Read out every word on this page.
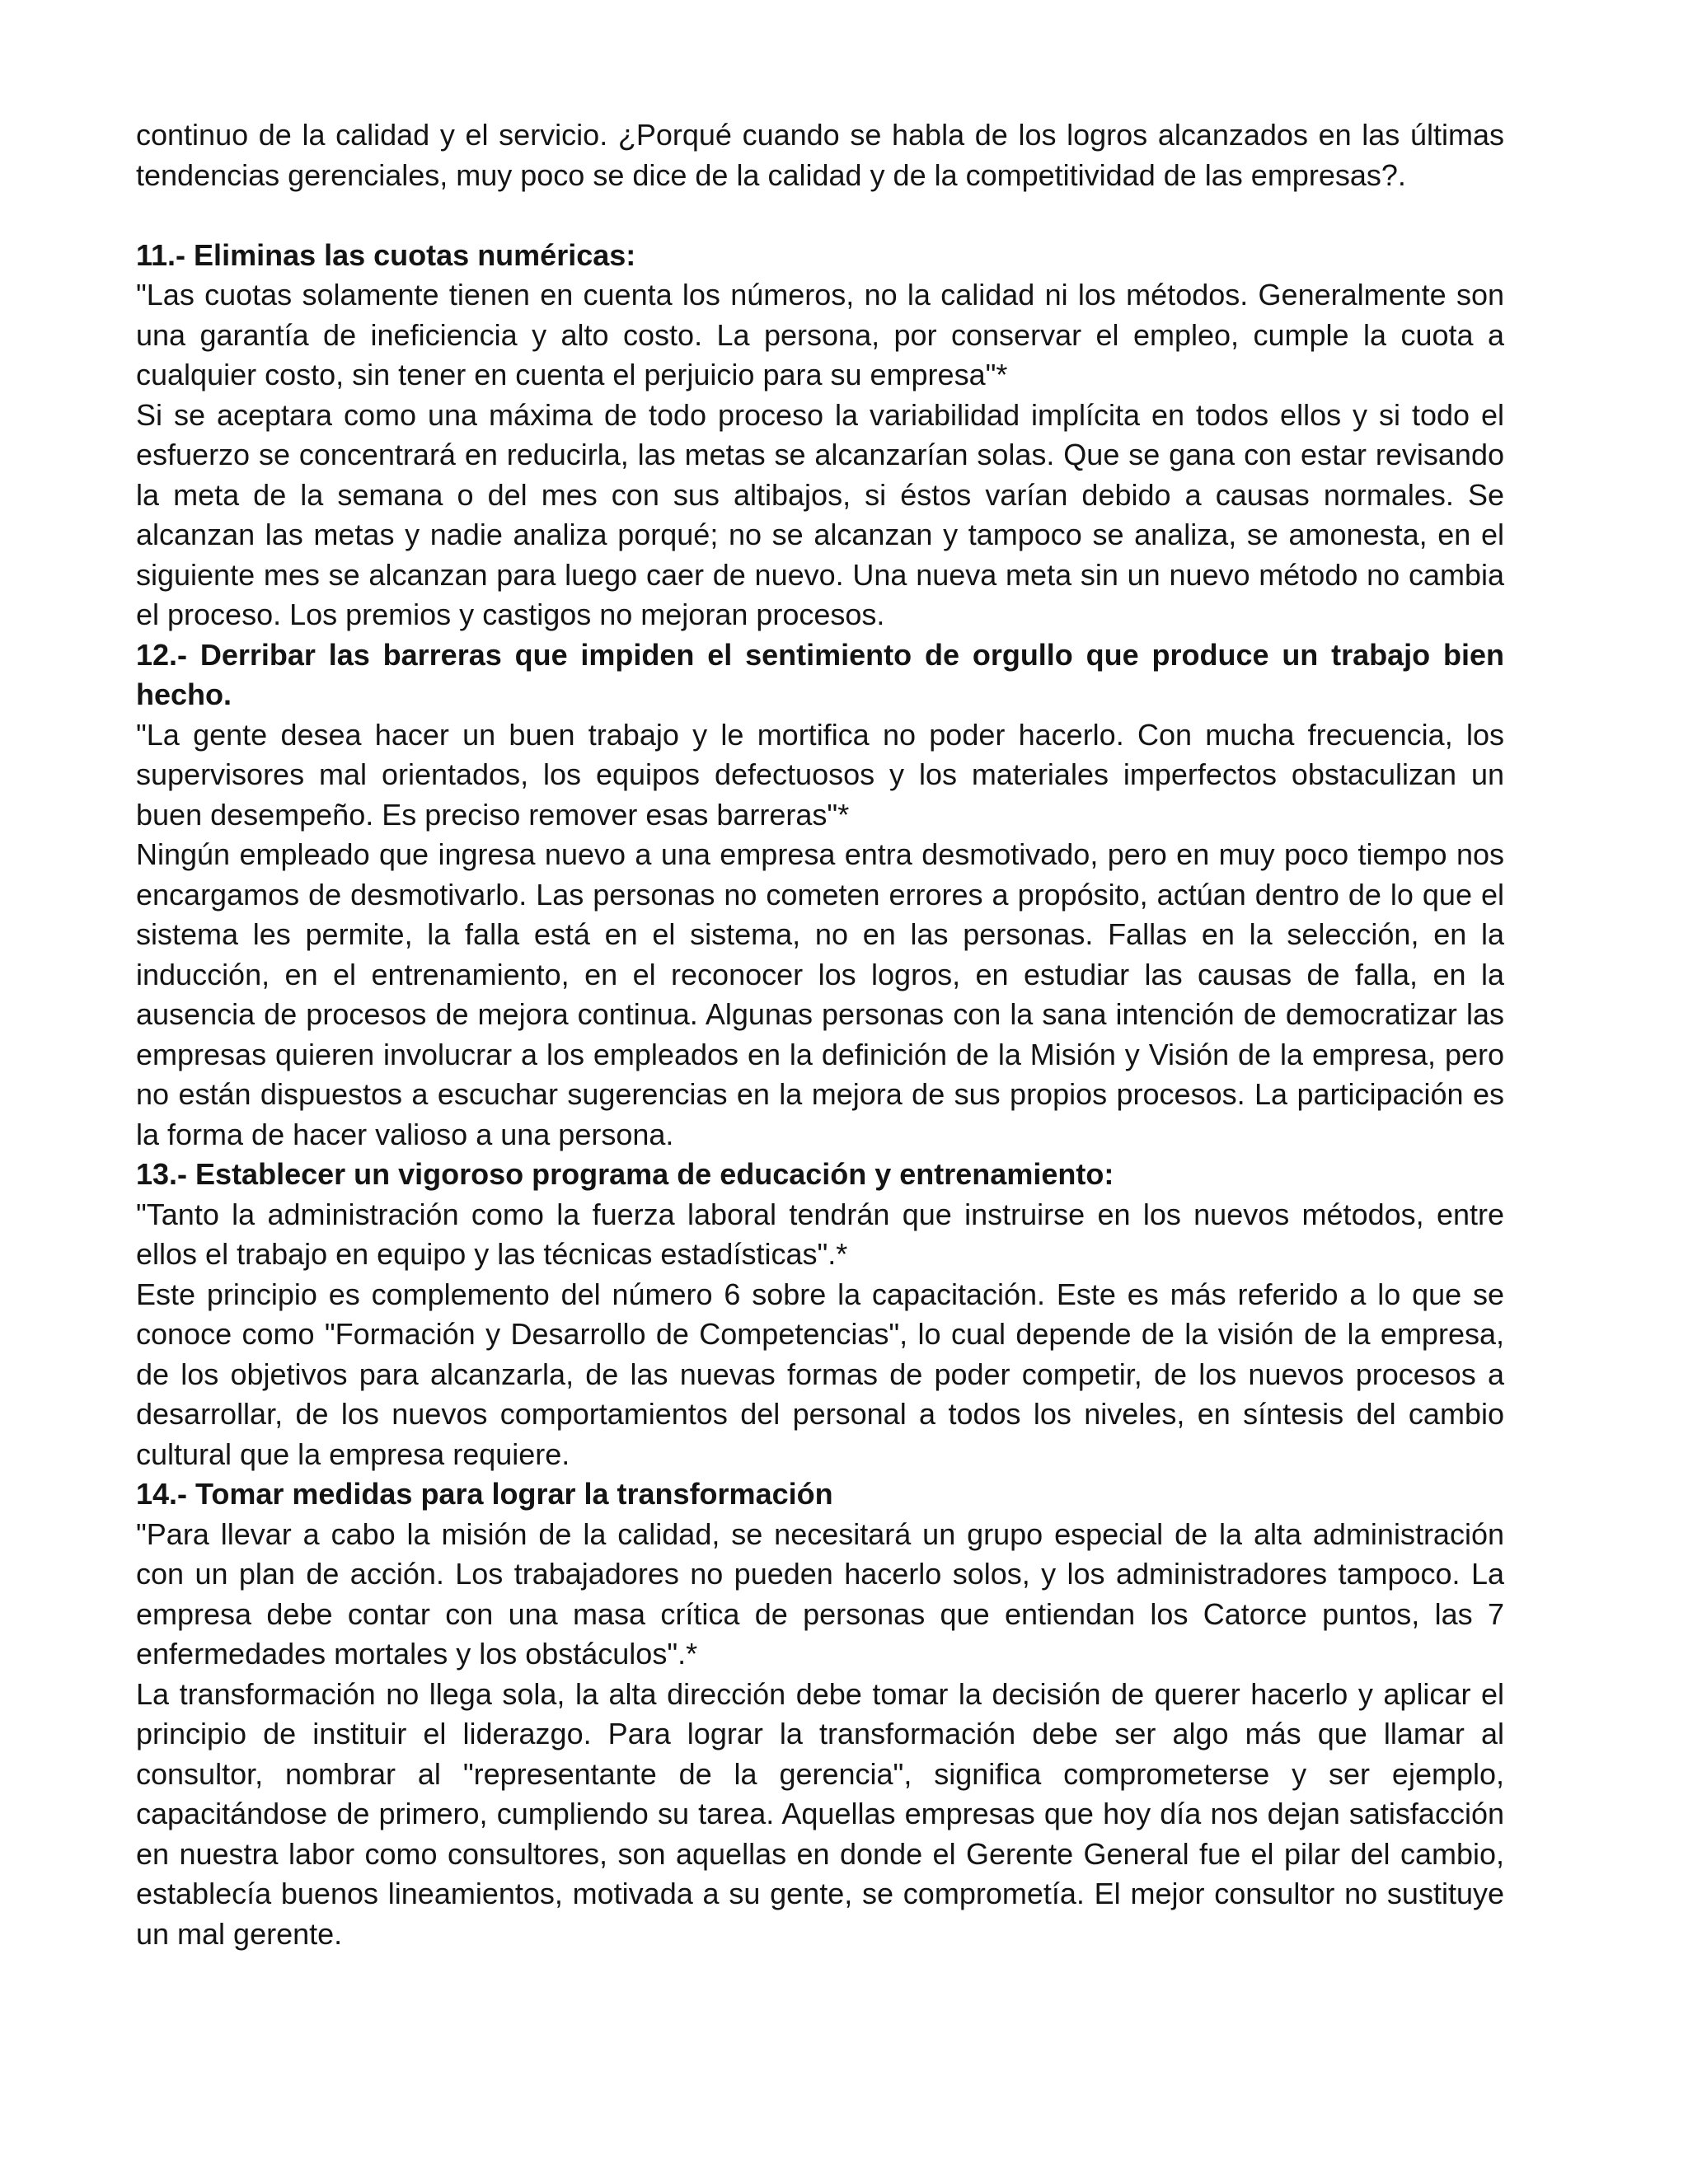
continuo de la calidad y el servicio. ¿Porqué cuando se habla de los logros alcanzados en las últimas tendencias gerenciales, muy poco se dice de la calidad y de la competitividad de las empresas?.

11.- Eliminas las cuotas numéricas:

"Las cuotas solamente tienen en cuenta los números, no la calidad ni los métodos. Generalmente son una garantía de ineficiencia y alto costo. La persona, por conservar el empleo, cumple la cuota a cualquier costo, sin tener en cuenta el perjuicio para su empresa"*

Si se aceptara como una máxima de todo proceso la variabilidad implícita en todos ellos y si todo el esfuerzo se concentrará en reducirla, las metas se alcanzarían solas. Que se gana con estar revisando la meta de la semana o del mes con sus altibajos, si éstos varían debido a causas normales. Se alcanzan las metas y nadie analiza porqué; no se alcanzan y tampoco se analiza, se amonesta, en el siguiente mes se alcanzan para luego caer de nuevo. Una nueva meta sin un nuevo método no cambia el proceso. Los premios y castigos no mejoran procesos.

12.- Derribar las barreras que impiden el sentimiento de orgullo que produce un trabajo bien hecho.

"La gente desea hacer un buen trabajo y le mortifica no poder hacerlo. Con mucha frecuencia, los supervisores mal orientados, los equipos defectuosos y los materiales imperfectos obstaculizan un buen desempeño. Es preciso remover esas barreras"*

Ningún empleado que ingresa nuevo a una empresa entra desmotivado, pero en muy poco tiempo nos encargamos de desmotivarlo. Las personas no cometen errores a propósito, actúan dentro de lo que el sistema les permite, la falla está en el sistema, no en las personas. Fallas en la selección, en la inducción, en el entrenamiento, en el reconocer los logros, en estudiar las causas de falla, en la ausencia de procesos de mejora continua. Algunas personas con la sana intención de democratizar las empresas quieren involucrar a los empleados en la definición de la Misión y Visión de la empresa, pero no están dispuestos a escuchar sugerencias en la mejora de sus propios procesos. La participación es la forma de hacer valioso a una persona.

13.- Establecer un vigoroso programa de educación y entrenamiento:

"Tanto la administración como la fuerza laboral tendrán que instruirse en los nuevos métodos, entre ellos el trabajo en equipo y las técnicas estadísticas".*

Este principio es complemento del número 6 sobre la capacitación. Este es más referido a lo que se conoce como "Formación y Desarrollo de Competencias", lo cual depende de la visión de la empresa, de los objetivos para alcanzarla, de las nuevas formas de poder competir, de los nuevos procesos a desarrollar, de los nuevos comportamientos del personal a todos los niveles, en síntesis del cambio cultural que la empresa requiere.

14.- Tomar medidas para lograr la transformación

"Para llevar a cabo la misión de la calidad, se necesitará un grupo especial de la alta administración con un plan de acción. Los trabajadores no pueden hacerlo solos, y los administradores tampoco. La empresa debe contar con una masa crítica de personas que entiendan los Catorce puntos, las 7 enfermedades mortales y los obstáculos".*

La transformación no llega sola, la alta dirección debe tomar la decisión de querer hacerlo y aplicar el principio de instituir el liderazgo. Para lograr la transformación debe ser algo más que llamar al consultor, nombrar al "representante de la gerencia", significa comprometerse y ser ejemplo, capacitándose de primero, cumpliendo su tarea. Aquellas empresas que hoy día nos dejan satisfacción en nuestra labor como consultores, son aquellas en donde el Gerente General fue el pilar del cambio, establecía buenos lineamientos, motivada a su gente, se comprometía. El mejor consultor no sustituye un mal gerente.
